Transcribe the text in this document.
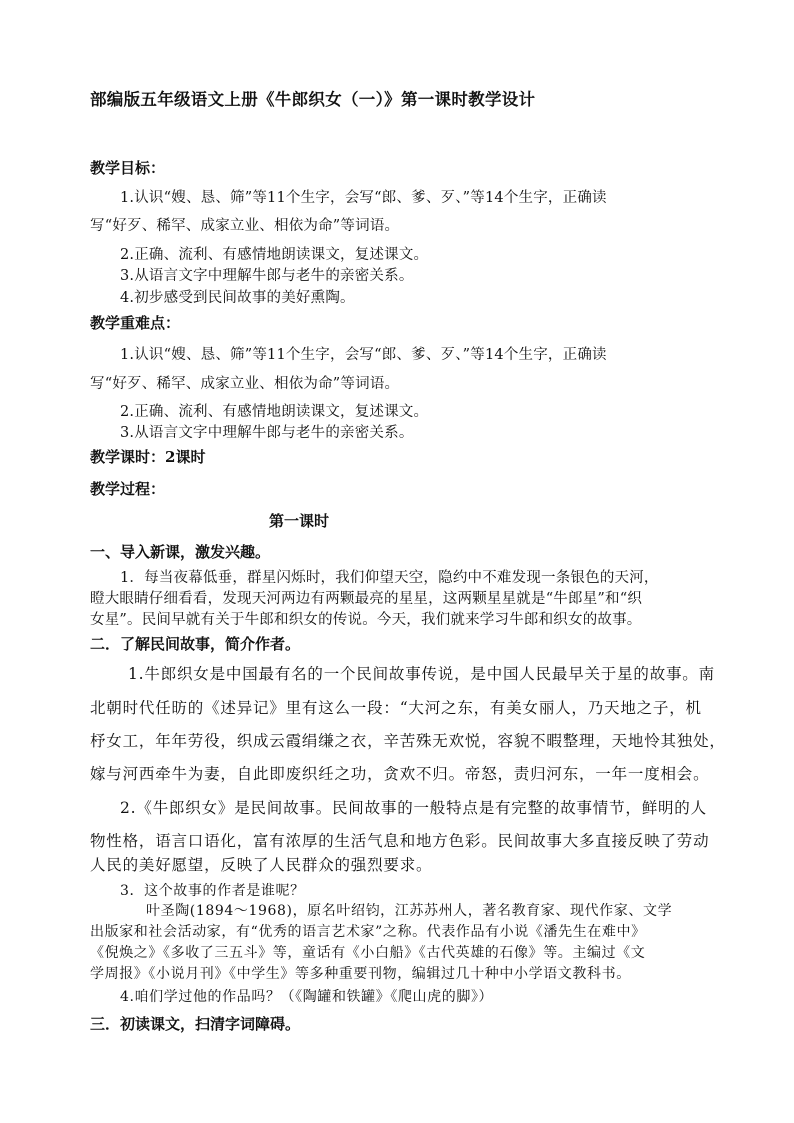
部编版五年级语文上册《牛郎织女（一）》第一课时教学设计
教学目标：
1.认识“嫂、恳、筛”等11个生字，会写“郎、爹、歹、”等14个生字，正确读
写“好歹、稀罕、成家立业、相依为命”等词语。
2.正确、流利、有感情地朗读课文，复述课文。
3.从语言文字中理解牛郎与老牛的亲密关系。
4.初步感受到民间故事的美好熏陶。
教学重难点：
1.认识“嫂、恳、筛”等11个生字，会写“郎、爹、歹、”等14个生字，正确读
写“好歹、稀罕、成家立业、相依为命”等词语。
2.正确、流利、有感情地朗读课文，复述课文。
3.从语言文字中理解牛郎与老牛的亲密关系。
教学课时：2课时
教学过程：
第一课时
一、导入新课，激发兴趣。
1．每当夜幕低垂，群星闪烁时，我们仰望天空，隐约中不难发现一条银色的天河，
瞪大眼睛仔细看看，发现天河两边有两颗最亮的星星，这两颗星星就是“牛郎星”和“织
女星”。民间早就有关于牛郎和织女的传说。今天，我们就来学习牛郎和织女的故事。
二．了解民间故事，简介作者。
1.牛郎织女是中国最有名的一个民间故事传说，是中国人民最早关于星的故事。南
北朝时代任昉的《述异记》里有这么一段：“大河之东，有美女丽人，乃天地之子，机
杼女工，年年劳役，织成云霞绢缣之衣，辛苦殊无欢悦，容貌不暇整理，天地怜其独处，
嫁与河西牵牛为妻，自此即废织纴之功，贪欢不归。帝怒，责归河东，一年一度相会。
2.《牛郎织女》是民间故事。民间故事的一般特点是有完整的故事情节，鲜明的人
物性格，语言口语化，富有浓厚的生活气息和地方色彩。民间故事大多直接反映了劳动
人民的美好愿望，反映了人民群众的强烈要求。
3．这个故事的作者是谁呢？
叶圣陶(1894～1968)，原名叶绍钧，江苏苏州人，著名教育家、现代作家、文学
出版家和社会活动家，有“优秀的语言艺术家”之称。代表作品有小说《潘先生在难中》
《倪焕之》《多收了三五斗》等，童话有《小白船》《古代英雄的石像》等。主编过《文
学周报》《小说月刊》《中学生》等多种重要刊物，编辑过几十种中小学语文教科书。
4.咱们学过他的作品吗？（《陶罐和铁罐》《爬山虎的脚》）
三．初读课文，扫清字词障碍。
